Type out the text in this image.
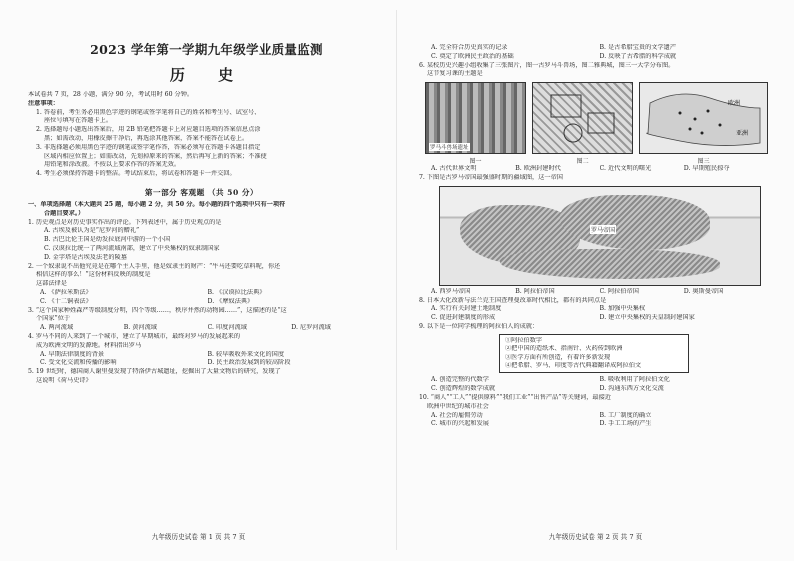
2023 学年第一学期九年级学业质量监测
历 史
本试卷共 7 页，28 小题，满分 90 分，考试用时 60 分钟。
注意事项：
1. 答卷前，考生务必用黑色字迹的钢笔或签字笔将自己的姓名和考生号、试室号、
座位号填写在答题卡上。
2. 选择题每小题选出答案后，用 2B 铅笔把答题卡上对应题目选项的答案信息点涂
黑；如需改动，用橡皮擦干净后，再选涂其他答案，答案不能答在试卷上。
3. 非选择题必须用黑色字迹的钢笔或签字笔作答，答案必须写在答题卡各题目指定
区域内相应位置上；如需改动，先划掉原来的答案，然后再写上新的答案；不准使
用铅笔和涂改液。不按以上要求作答的答案无效。
4. 考生必须保持答题卡的整洁。考试结束后，将试卷和答题卡一并交回。
第一部分 客观题 （共 50 分）
一、单项选择题（本大题共 25 题，每小题 2 分，共 50 分。每小题的四个选项中只有一项符
合题目要求。）
1. 历史观点是对历史事实作出的评论。下列表述中，属于历史观点的是
A. 古埃及被认为是“尼罗河的赠礼”
B. 古巴比伦王国是幼发拉底河中游的一个小国
C. 汉谟拉比统一了两河流域南部，建立了中央集权的奴隶制国家
D. 金字塔是古埃及法老的陵墓
2. 一个奴隶说不出他究竟是在哪个主人手里，他是奴隶主的财产：“牛马还要吃草料呢，你还
相信这样的事么！”这份材料反映的制度是
这部法律是
A. 《萨拉米斯法》	B. 《汉谟拉比法典》
C. 《十二铜表法》	D. 《摩奴法典》
3. “这个国家种姓森严等级制度分明，四个等级……，秩序井然的动物园……”，这描述的是“这
个国家”位于
A. 两河流域	B. 黄河流域	C. 印度河流域	D. 尼罗河流域
4. 罗马不同的人来到了一个城市，建立了早期城市，最终对罗马的发展起来的
成为欧洲文明的发源地。材料指出罗马
A. 早期法律制度的背景	B. 较早吸收外来文化的国度
C. 受文化交流和传播的影响	D. 民主政治发展到的较高阶段
5. 19 世纪时，德国商人谢里曼发现了特洛伊古城遗址，挖掘出了大量文物后的研究，发现了
这说明《荷马史诗》
九年级历史试卷 第 1 页 共 7 页
A. 完全符合历史真实的记录	B. 是古希腊宝贵的文学遗产
C. 奠定了欧洲民主政治的基础	D. 反映了古希腊的科学成就
6. 某校历史兴趣小组收集了三张图片，图一古罗马斗兽场，图二雅典城，图三一大学分布图。
这节复习课的主题是
罗马斗兽场遗址
欧洲
亚洲
图一	图二	图三
A. 古代世界文明	B. 欧洲封建时代	C. 近代文明的曙光	D. 早期殖民掠夺
7. 下图是古罗马帝国最强盛时期的疆域图，这一帝国
罗马帝国
A. 西罗马帝国	B. 阿拉伯帝国	C. 阿拉伯帝国	D. 奥斯曼帝国
8. 日本大化改新与法兰克王国查理曼改革时代相比，都有的共同点是
A. 实行有关封建土地制度	B. 加强中央集权
C. 促进封建制度的形成	D. 建立中央集权的天皇制封建国家
9. 以下是一位同学梳理的阿拉伯人的成就：
①阿拉伯数字
②把中国的造纸术、指南针、火药传到欧洲
③医学方面有所创造，有着许多新发现
④把希腊、罗马、印度等古代典籍翻译成阿拉伯文
A. 创造完整的代数学	B. 吸收利用了阿拉伯文化
C. 创造辉煌的数学成就	D. 沟通东西方文化交流
10. “商人”“工人”“提供原料”“我们工业”“出售产品”等关键词，最接近
欧洲中世纪的城市社会
A. 社会的雇佣劳动	B. 工厂制度的确立
C. 城市的兴起和发展	D. 手工工场的产生
九年级历史试卷 第 2 页 共 7 页
